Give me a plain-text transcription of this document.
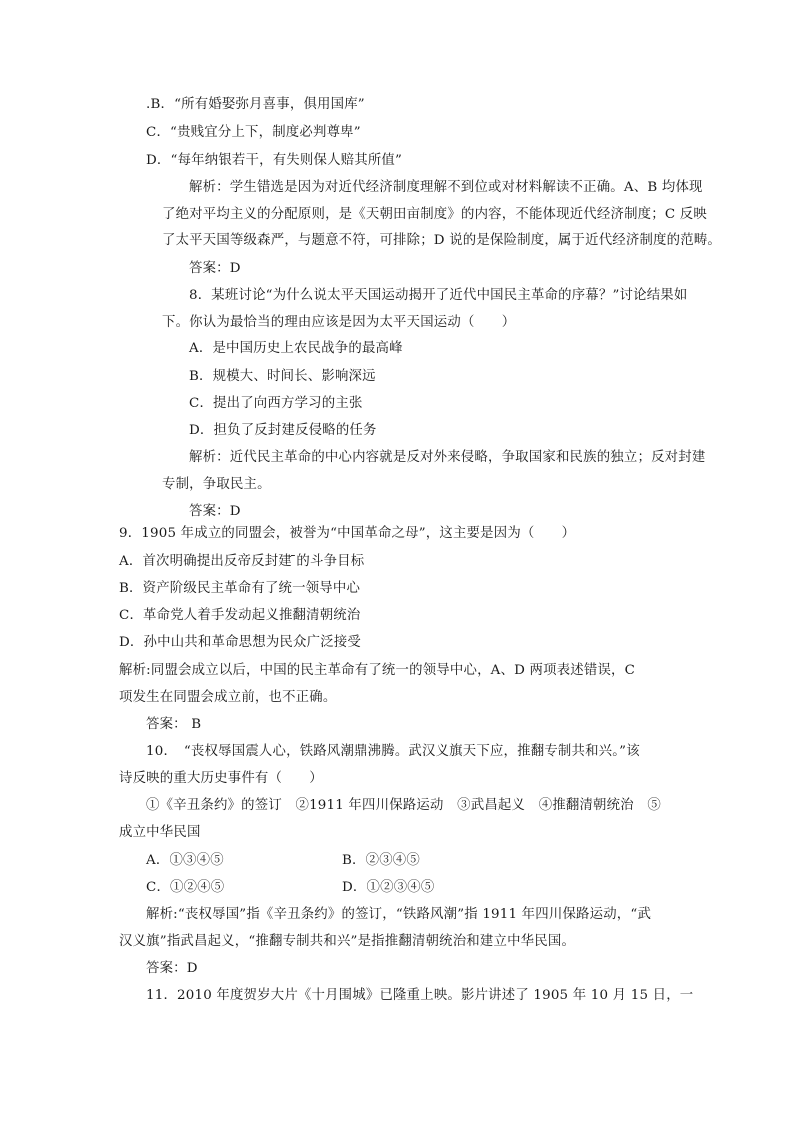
.B．“所有婚娶弥月喜事，俱用国库”
C．“贵贱宜分上下，制度必判尊卑”
D．“每年纳银若干，有失则保人赔其所值”
解析：学生错选是因为对近代经济制度理解不到位或对材料解读不正确。A、B 均体现
了绝对平均主义的分配原则，是《天朝田亩制度》的内容，不能体现近代经济制度；C 反映
了太平天国等级森严，与题意不符，可排除；D 说的是保险制度，属于近代经济制度的范畴。
答案：D
8．某班讨论“为什么说太平天国运动揭开了近代中国民主革命的序幕？”讨论结果如
下。你认为最恰当的理由应该是因为太平天国运动（　　）
A．是中国历史上农民战争的最高峰
B．规模大、时间长、影响深远
C．提出了向西方学习的主张
D．担负了反封建反侵略的任务
解析：近代民主革命的中心内容就是反对外来侵略，争取国家和民族的独立；反对封建
专制，争取民主。
答案：D
9．1905 年成立的同盟会，被誉为“中国革命之母”，这主要是因为（　　）
A．首次明确提出反帝反封建 ̄的斗争目标
B．资产阶级民主革命有了统一领导中心
C．革命党人着手发动起义推翻清朝统治
D．孙中山共和革命思想为民众广泛接受
解析:同盟会成立以后，中国的民主革命有了统一的领导中心，A、D 两项表述错误，C
项发生在同盟会成立前，也不正确。
答案： B
10．　“丧权辱国震人心，铁路风潮鼎沸腾。武汉义旗天下应，推翻专制共和兴。”该
诗反映的重大历史事件有（　　）
①《辛丑条约》的签订　②1911 年四川保路运动　③武昌起义　④推翻清朝统治　⑤
成立中华民国
A．①③④⑤	B．②③④⑤
C．①②④⑤	D．①②③④⑤
解析:“丧权辱国”指《辛丑条约》的签订，“铁路风潮”指 1911 年四川保路运动，“武
汉义旗”指武昌起义，“推翻专制共和兴”是指推翻清朝统治和建立中华民国。
答案：D
11．2010 年度贺岁大片《十月围城》已隆重上映。影片讲述了 1905 年 10 月 15 日，一
